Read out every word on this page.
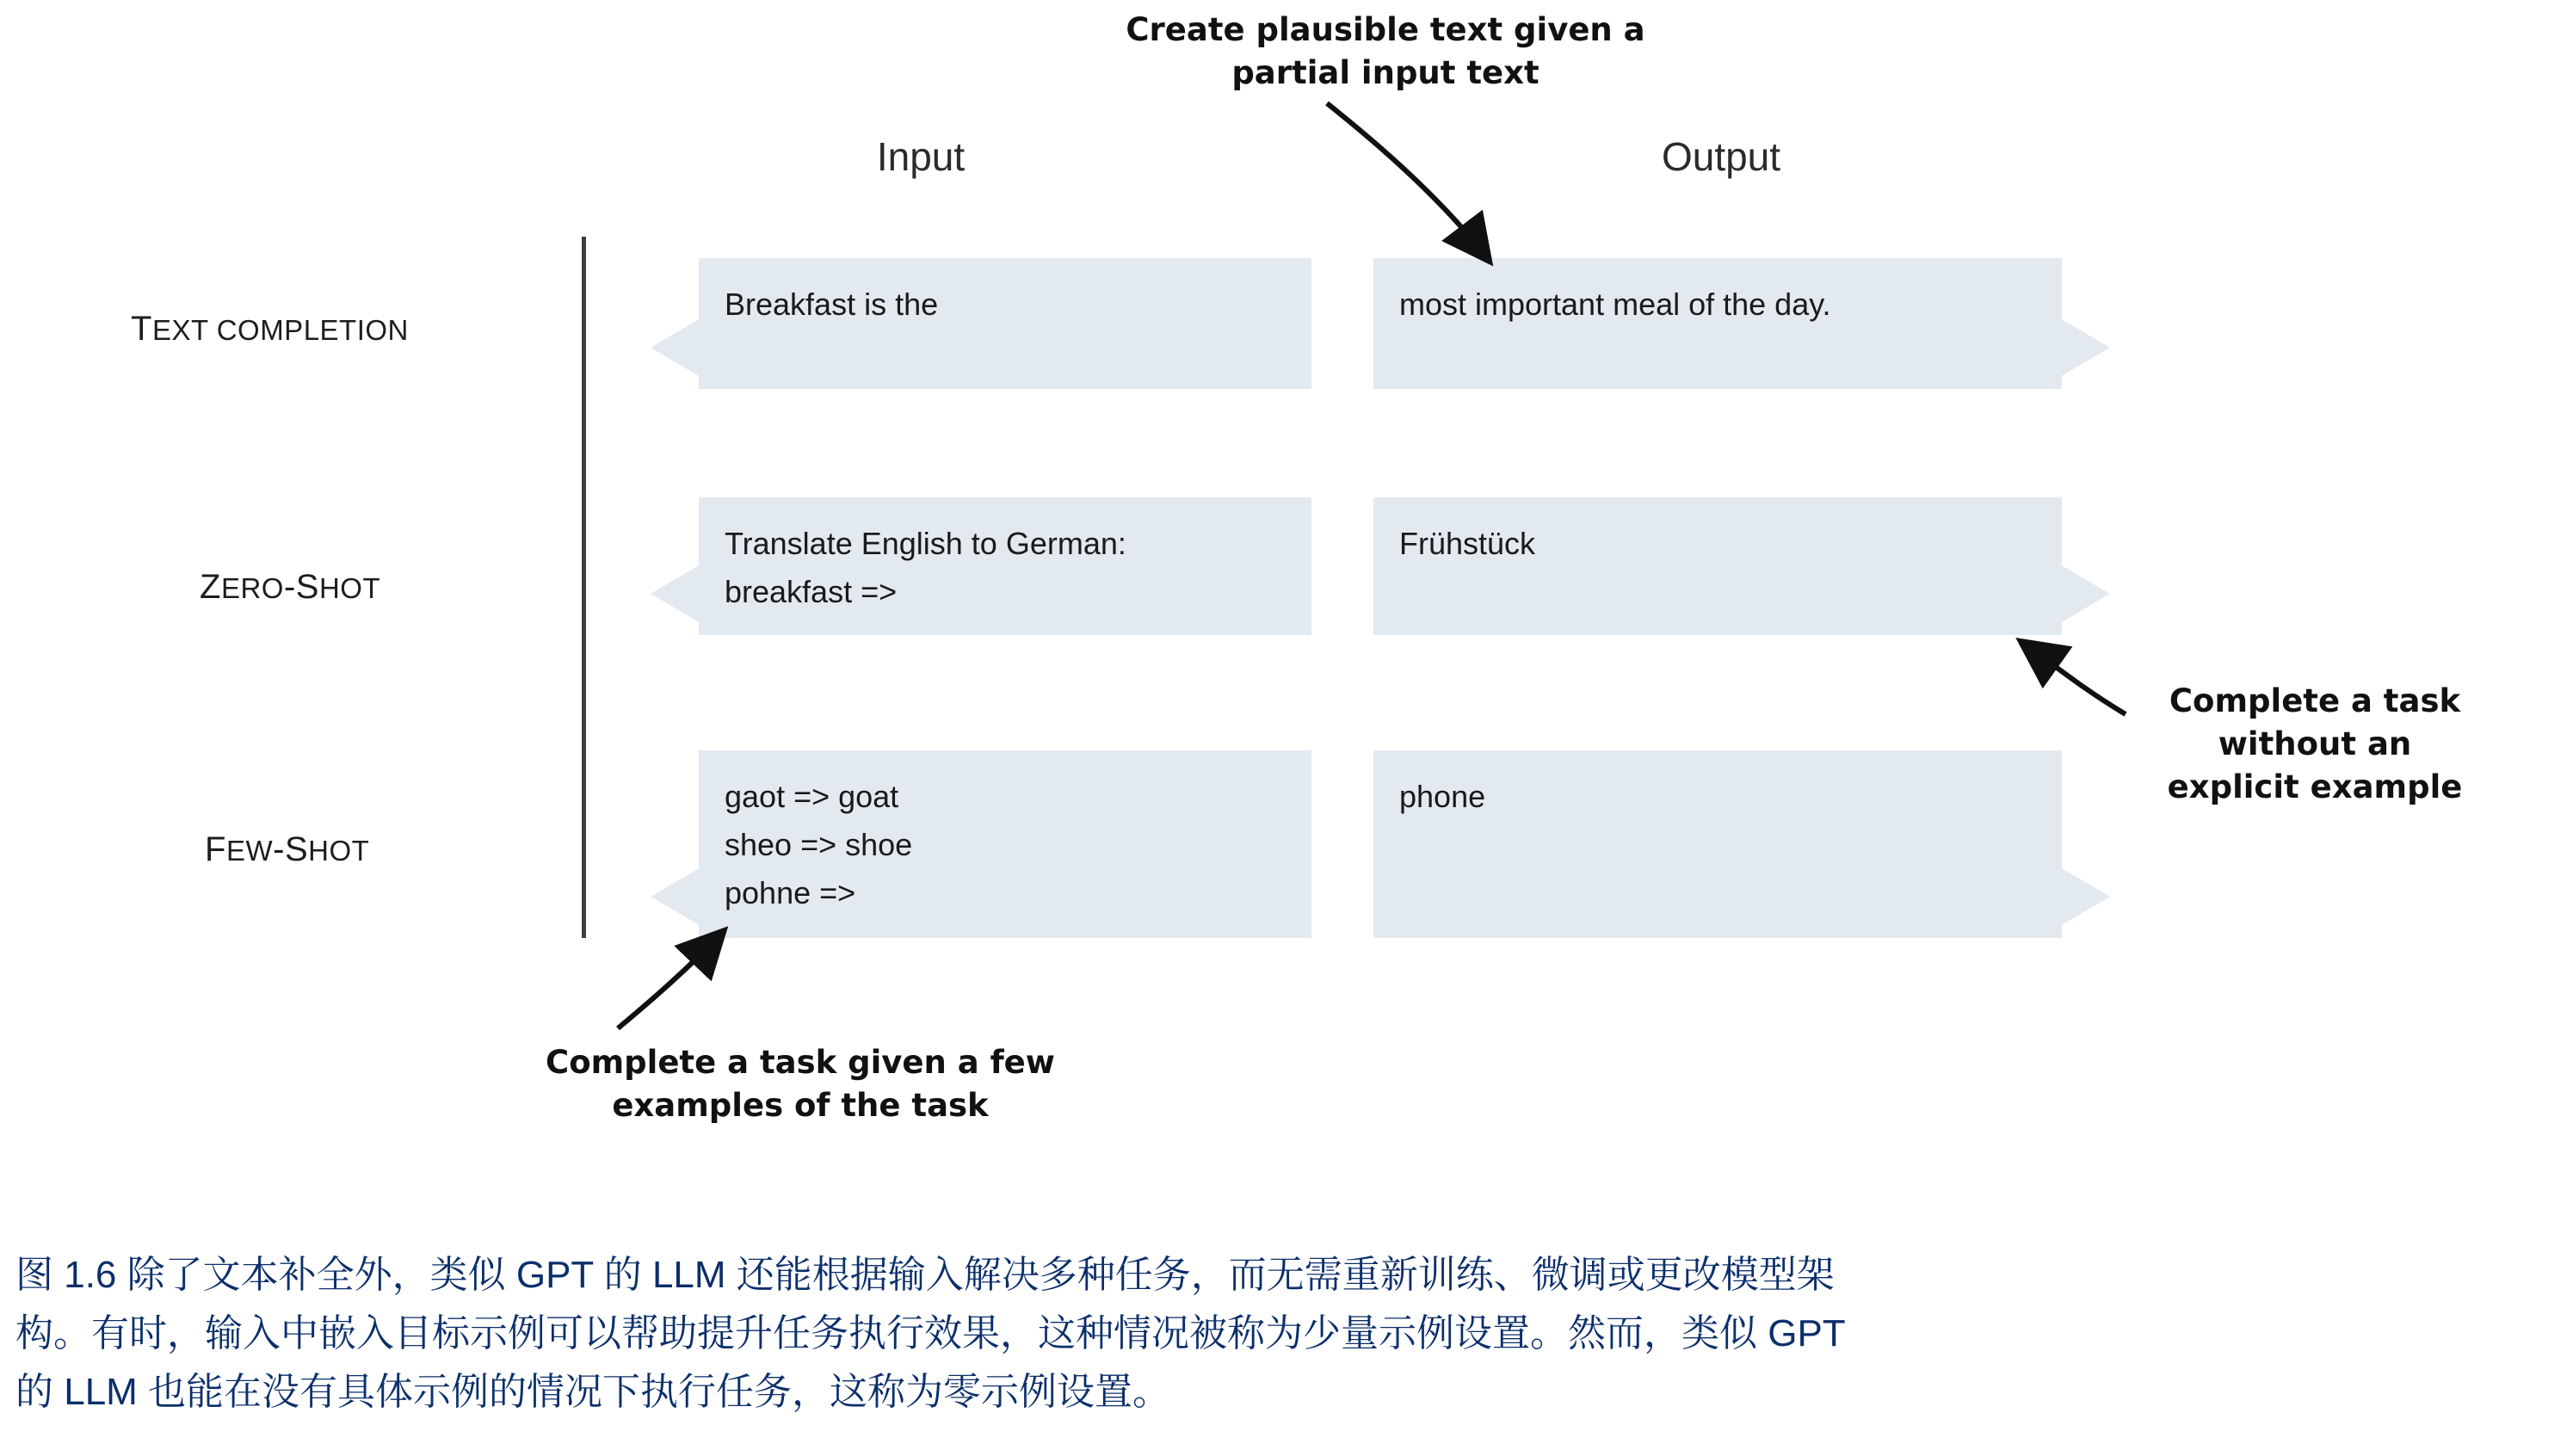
Input	Output
TEXT COMPLETION
ZERO-SHOT
FEW-SHOT
Breakfast is the	most important meal of the day.
Translate English to German:
breakfast =>
Frühstück
gaot => goat
sheo => shoe
pohne =>
phone
Create plausible text given a
partial input text
Complete a task
without an
explicit example
Complete a task given a few
examples of the task

图 1.6 除了文本补全外，类似 GPT 的 LLM 还能根据输入解决多种任务，而无需重新训练、微调或更改模型架

构。有时，输入中嵌入目标示例可以帮助提升任务执行效果，这种情况被称为少量示例设置。然而，类似 GPT

的 LLM 也能在没有具体示例的情况下执行任务，这称为零示例设置。
